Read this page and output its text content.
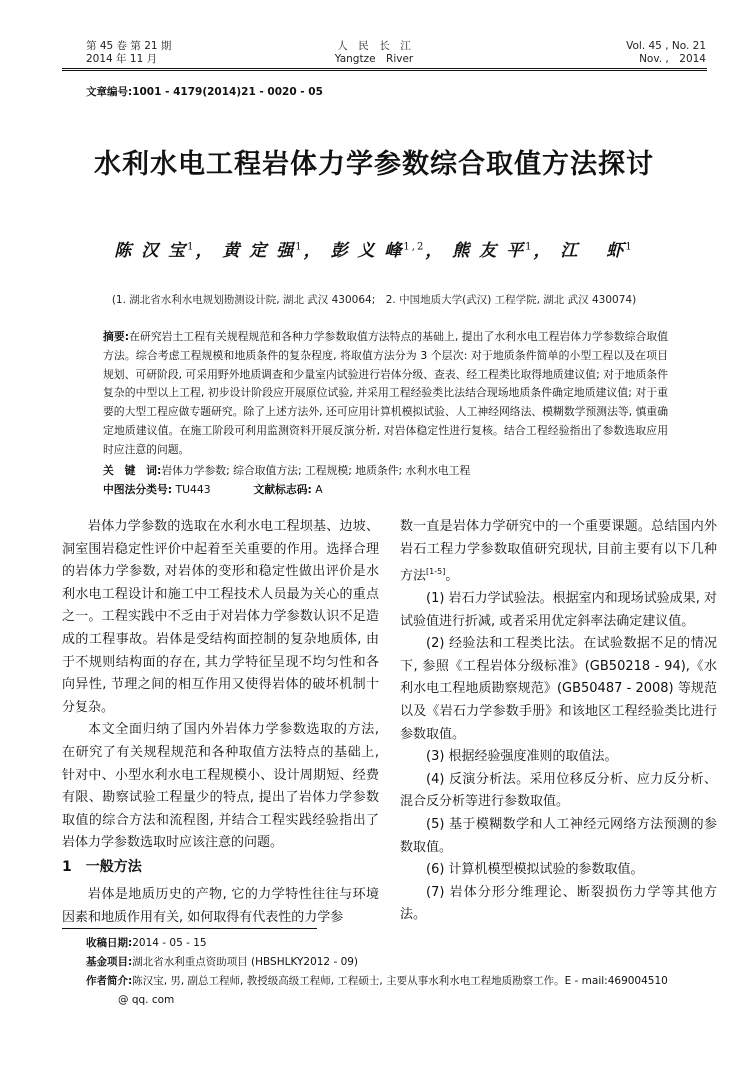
第 45 卷 第 21 期
2014 年 11 月
人　民　长　江
Yangtze　River
Vol. 45 , No. 21
Nov. ,　2014
文章编号:1001 - 4179(2014)21 - 0020 - 05
水利水电工程岩体力学参数综合取值方法探讨
陈 汉 宝$^1$， 黄 定 强$^1$， 彭 义 峰$^{1,2}$， 熊 友 平$^1$， 江　 虾$^1$
(1. 湖北省水利水电规划勘测设计院, 湖北 武汉 430064;　2. 中国地质大学(武汉) 工程学院, 湖北 武汉 430074)
摘要:在研究岩土工程有关规程规范和各种力学参数取值方法特点的基础上, 提出了水利水电工程岩体力学参数综合取值方法。综合考虑工程规模和地质条件的复杂程度, 将取值方法分为 3 个层次: 对于地质条件简单的小型工程以及在项目规划、可研阶段, 可采用野外地质调查和少量室内试验进行岩体分级、查表、经工程类比取得地质建议值; 对于地质条件复杂的中型以上工程, 初步设计阶段应开展原位试验, 并采用工程经验类比法结合现场地质条件确定地质建议值; 对于重要的大型工程应做专题研究。除了上述方法外, 还可应用计算机模拟试验、人工神经网络法、模糊数学预测法等, 慎重确定地质建议值。在施工阶段可利用监测资料开展反演分析, 对岩体稳定性进行复核。结合工程经验指出了参数选取应用时应注意的问题。
关　键　词:岩体力学参数; 综合取值方法; 工程规模; 地质条件; 水利水电工程
中图法分类号: TU443	文献标志码: A

岩体力学参数的选取在水利水电工程坝基、边坡、洞室围岩稳定性评价中起着至关重要的作用。选择合理的岩体力学参数, 对岩体的变形和稳定性做出评价是水利水电工程设计和施工中工程技术人员最为关心的重点之一。工程实践中不乏由于对岩体力学参数认识不足造成的工程事故。岩体是受结构面控制的复杂地质体, 由于不规则结构面的存在, 其力学特征呈现不均匀性和各向异性, 节理之间的相互作用又使得岩体的破坏机制十分复杂。

本文全面归纳了国内外岩体力学参数选取的方法, 在研究了有关规程规范和各种取值方法特点的基础上, 针对中、小型水利水电工程规模小、设计周期短、经费有限、勘察试验工程量少的特点, 提出了岩体力学参数取值的综合方法和流程图, 并结合工程实践经验指出了岩体力学参数选取时应该注意的问题。

1　一般方法

岩体是地质历史的产物, 它的力学特性往往与环境因素和地质作用有关, 如何取得有代表性的力学参

数一直是岩体力学研究中的一个重要课题。总结国内外岩石工程力学参数取值研究现状, 目前主要有以下几种方法[1-5]。

(1) 岩石力学试验法。根据室内和现场试验成果, 对试验值进行折减, 或者采用优定斜率法确定建议值。

(2) 经验法和工程类比法。在试验数据不足的情况下, 参照《工程岩体分级标准》(GB50218 - 94),《水利水电工程地质勘察规范》(GB50487 - 2008) 等规范以及《岩石力学参数手册》和该地区工程经验类比进行参数取值。

(3) 根据经验强度准则的取值法。

(4) 反演分析法。采用位移反分析、应力反分析、混合反分析等进行参数取值。

(5) 基于模糊数学和人工神经元网络方法预测的参数取值。

(6) 计算机模型模拟试验的参数取值。

(7) 岩体分形分维理论、断裂损伤力学等其他方法。

收稿日期:2014 - 05 - 15
基金项目:湖北省水利重点资助项目 (HBSHLKY2012 - 09)
作者简介:陈汉宝, 男, 副总工程师, 教授级高级工程师, 工程硕士, 主要从事水利水电工程地质勘察工作。E - mail:469004510
@ qq. com
